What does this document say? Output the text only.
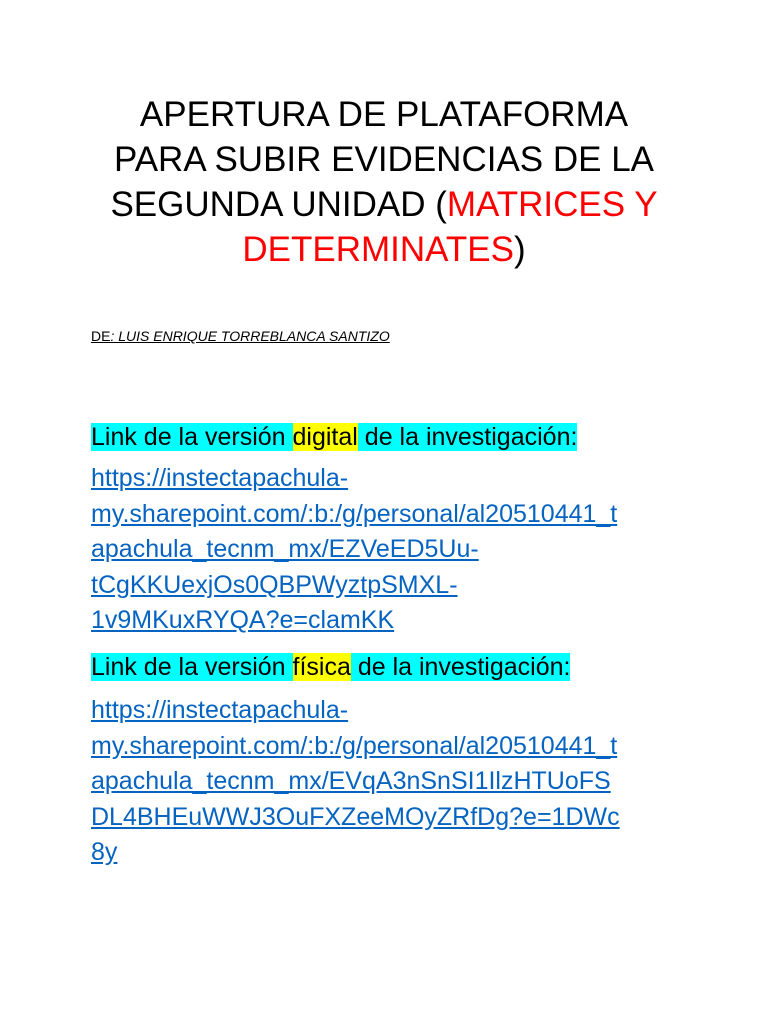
APERTURA DE PLATAFORMA
PARA SUBIR EVIDENCIAS DE LA
SEGUNDA UNIDAD (MATRICES Y
DETERMINATES)
DE: LUIS ENRIQUE TORREBLANCA SANTIZO
Link de la versión digital de la investigación:
https://instectapachula-
my.sharepoint.com/:b:/g/personal/al20510441_t
apachula_tecnm_mx/EZVeED5Uu-
tCgKKUexjOs0QBPWyztpSMXL-
1v9MKuxRYQA?e=clamKK
Link de la versión física de la investigación:
https://instectapachula-
my.sharepoint.com/:b:/g/personal/al20510441_t
apachula_tecnm_mx/EVqA3nSnSI1IlzHTUoFS
DL4BHEuWWJ3OuFXZeeMOyZRfDg?e=1DWc
8y
